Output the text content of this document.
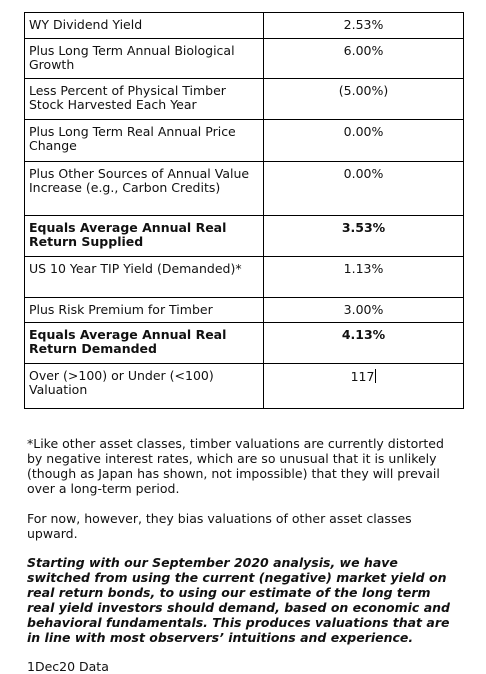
WY Dividend Yield	2.53%
Plus Long Term Annual Biological Growth	6.00%
Less Percent of Physical Timber Stock Harvested Each Year	(5.00%)
Plus Long Term Real Annual Price Change	0.00%
Plus Other Sources of Annual Value Increase (e.g., Carbon Credits)	0.00%
Equals Average Annual Real Return Supplied	3.53%
US 10 Year TIP Yield (Demanded)*	1.13%
Plus Risk Premium for Timber	3.00%
Equals Average Annual Real Return Demanded	4.13%
Over (>100) or Under (<100) Valuation	117

*Like other asset classes, timber valuations are currently distorted by negative interest rates, which are so unusual that it is unlikely (though as Japan has shown, not impossible) that they will prevail over a long-term period.

For now, however, they bias valuations of other asset classes upward.

Starting with our September 2020 analysis, we have switched from using the current (negative) market yield on real return bonds, to using our estimate of the long term real yield investors should demand, based on economic and behavioral fundamentals. This produces valuations that are in line with most observers’ intuitions and experience.

1Dec20 Data
